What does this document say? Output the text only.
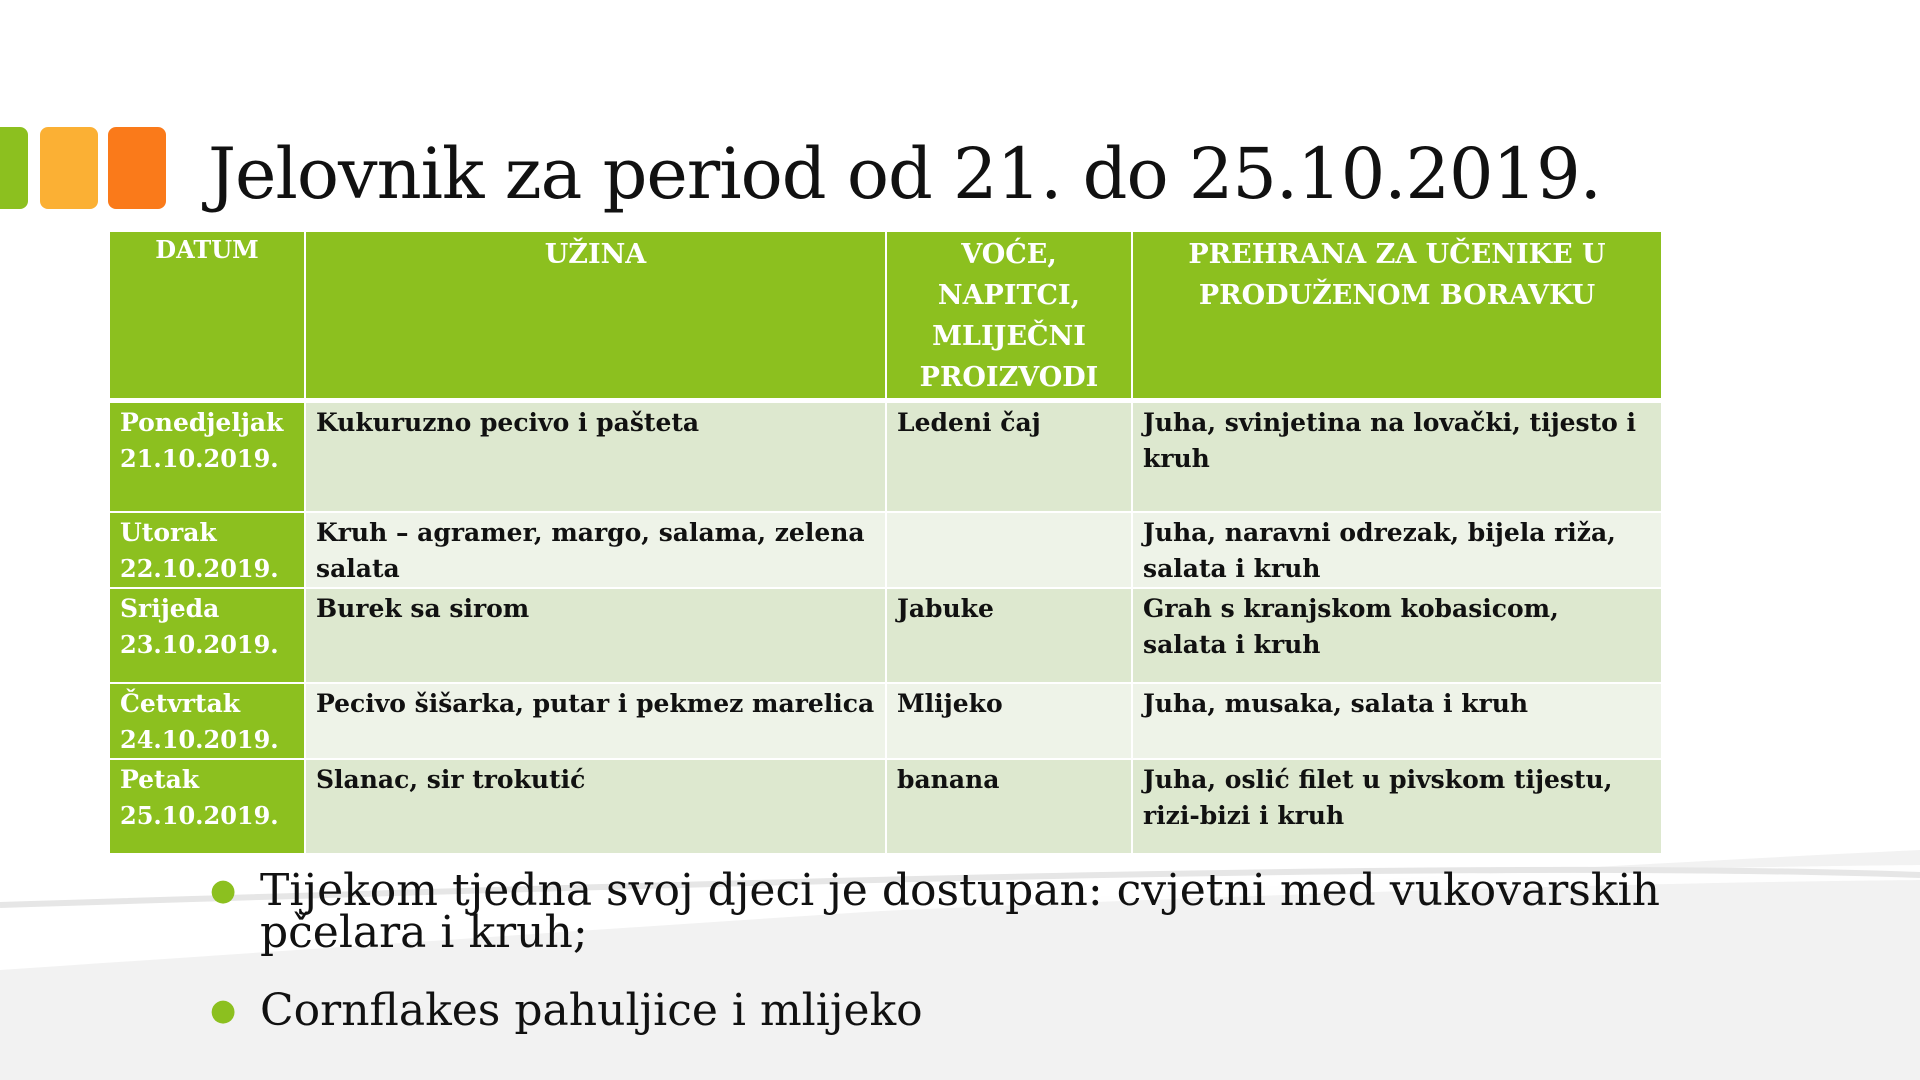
Jelovnik za period od 21. do 25.10.2019.
DATUM	UŽINA	VOĆE, NAPITCI, MLIJEČNI PROIZVODI	PREHRANA ZA UČENIKE U PRODUŽENOM BORAVKU

Ponedjeljak
21.10.2019.	Kukuruzno pecivo i pašteta	Ledeni čaj	Juha, svinjetina na lovački, tijesto i kruh

Utorak
22.10.2019.	Kruh – agramer, margo, salama, zelena salata		Juha, naravni odrezak, bijela riža, salata i kruh

Srijeda
23.10.2019.	Burek sa sirom	Jabuke	Grah s kranjskom kobasicom, salata i kruh

Četvrtak
24.10.2019.	Pecivo šišarka, putar i pekmez marelica	Mlijeko	Juha, musaka, salata i kruh

Petak
25.10.2019.	Slanac, sir trokutić	banana	Juha, oslić filet u pivskom tijestu, rizi-bizi i kruh
● Tijekom tjedna svoj djeci je dostupan: cvjetni med vukovarskih pčelara i kruh;
● Cornflakes pahuljice i mlijeko
